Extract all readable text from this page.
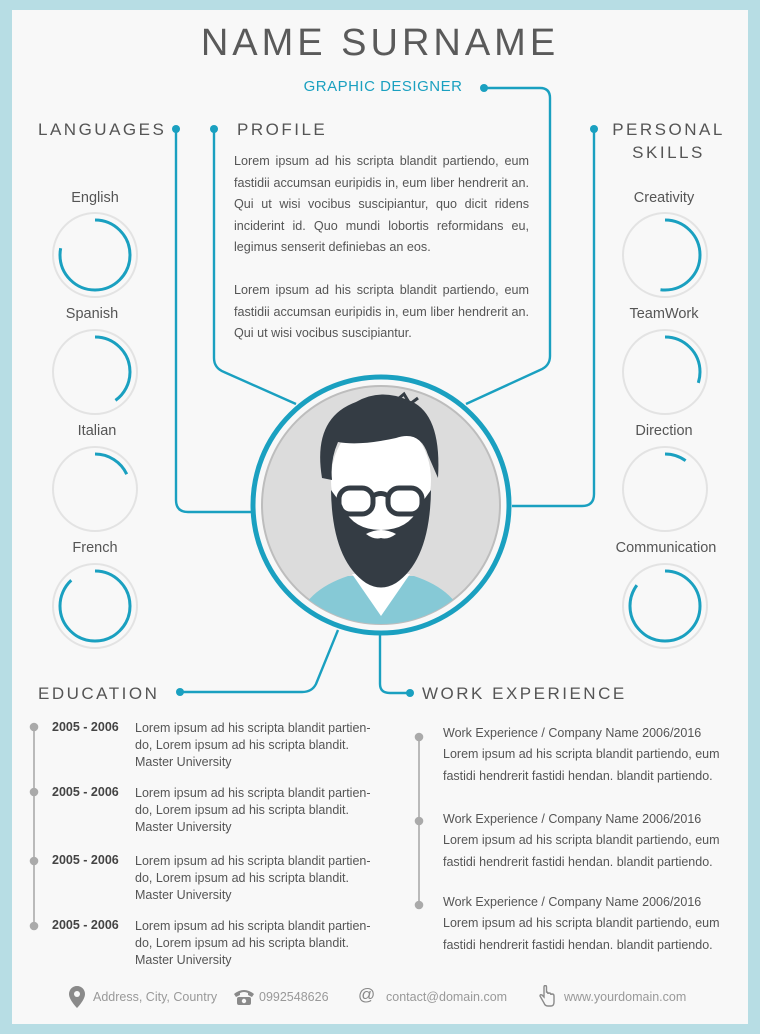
NAME SURNAME
GRAPHIC DESIGNER
LANGUAGES
English
Spanish
Italian
French
PROFILE
Lorem ipsum ad his scripta blandit partiendo, eum fastidii accumsan euripidis in, eum liber hendrerit an. Qui ut wisi vocibus suscipiantur, quo dicit ridens inciderint id. Quo mundi lobortis reformidans eu, legimus senserit definiebas an eos.
Lorem ipsum ad his scripta blandit partiendo, eum fastidii accumsan euripidis in, eum liber hendrerit an. Qui ut wisi vocibus suscipiantur.
PERSONAL
SKILLS
Creativity
TeamWork
Direction
Communication
EDUCATION
2005 - 2006 Lorem ipsum ad his scripta blandit partien-
do, Lorem ipsum ad his scripta blandit.
Master University
2005 - 2006 Lorem ipsum ad his scripta blandit partien-
do, Lorem ipsum ad his scripta blandit.
Master University
2005 - 2006 Lorem ipsum ad his scripta blandit partien-
do, Lorem ipsum ad his scripta blandit.
Master University
2005 - 2006 Lorem ipsum ad his scripta blandit partien-
do, Lorem ipsum ad his scripta blandit.
Master University
WORK EXPERIENCE
Work Experience / Company Name 2006/2016
Lorem ipsum ad his scripta blandit partiendo, eum
fastidi hendrerit fastidi hendan. blandit partiendo.
Work Experience / Company Name 2006/2016
Lorem ipsum ad his scripta blandit partiendo, eum
fastidi hendrerit fastidi hendan. blandit partiendo.
Work Experience / Company Name 2006/2016
Lorem ipsum ad his scripta blandit partiendo, eum
fastidi hendrerit fastidi hendan. blandit partiendo.
Address, City, Country	0992548626 @ contact@domain.com	www.yourdomain.com
